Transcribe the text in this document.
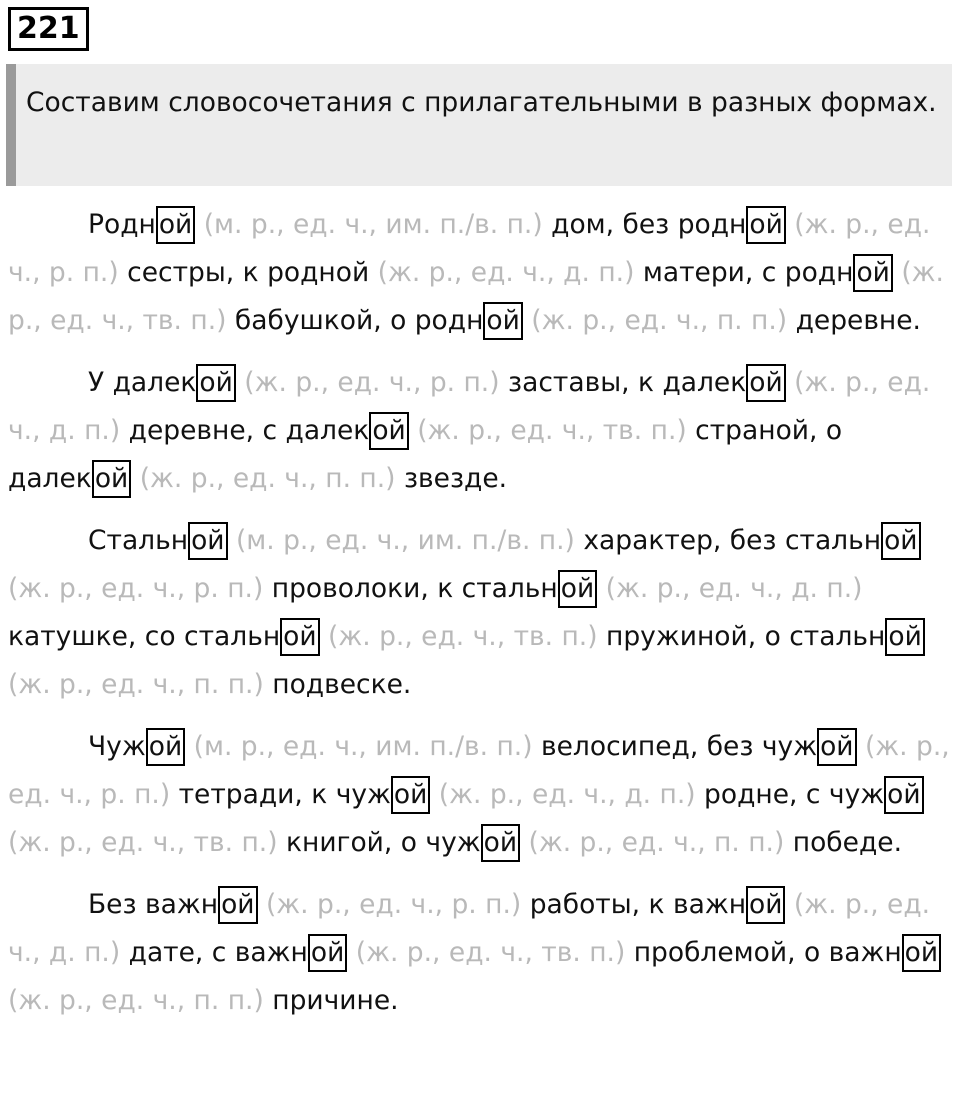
221
Составим словосочетания с прилагательными в разных формах.

Родн ой (м. р., ед. ч., им. п./в. п.) дом, без родн ой (ж. р., ед. ч., р. п.) сестры, к родной (ж. р., ед. ч., д. п.) матери, с родн ой (ж. р., ед. ч., тв. п.) бабушкой, о родн ой (ж. р., ед. ч., п. п.) деревне.

У далек ой (ж. р., ед. ч., р. п.) заставы, к далек ой (ж. р., ед. ч., д. п.) деревне, с далек ой (ж. р., ед. ч., тв. п.) страной, о далек ой (ж. р., ед. ч., п. п.) звезде.

Стальн ой (м. р., ед. ч., им. п./в. п.) характер, без стальн ой (ж. р., ед. ч., р. п.) проволоки, к стальн ой (ж. р., ед. ч., д. п.) катушке, со стальн ой (ж. р., ед. ч., тв. п.) пружиной, о стальн ой (ж. р., ед. ч., п. п.) подвеске.

Чуж ой (м. р., ед. ч., им. п./в. п.) велосипед, без чуж ой (ж. р., ед. ч., р. п.) тетради, к чуж ой (ж. р., ед. ч., д. п.) родне, с чуж ой (ж. р., ед. ч., тв. п.) книгой, о чуж ой (ж. р., ед. ч., п. п.) победе.

Без важн ой (ж. р., ед. ч., р. п.) работы, к важн ой (ж. р., ед. ч., д. п.) дате, с важн ой (ж. р., ед. ч., тв. п.) проблемой, о важн ой (ж. р., ед. ч., п. п.) причине.
